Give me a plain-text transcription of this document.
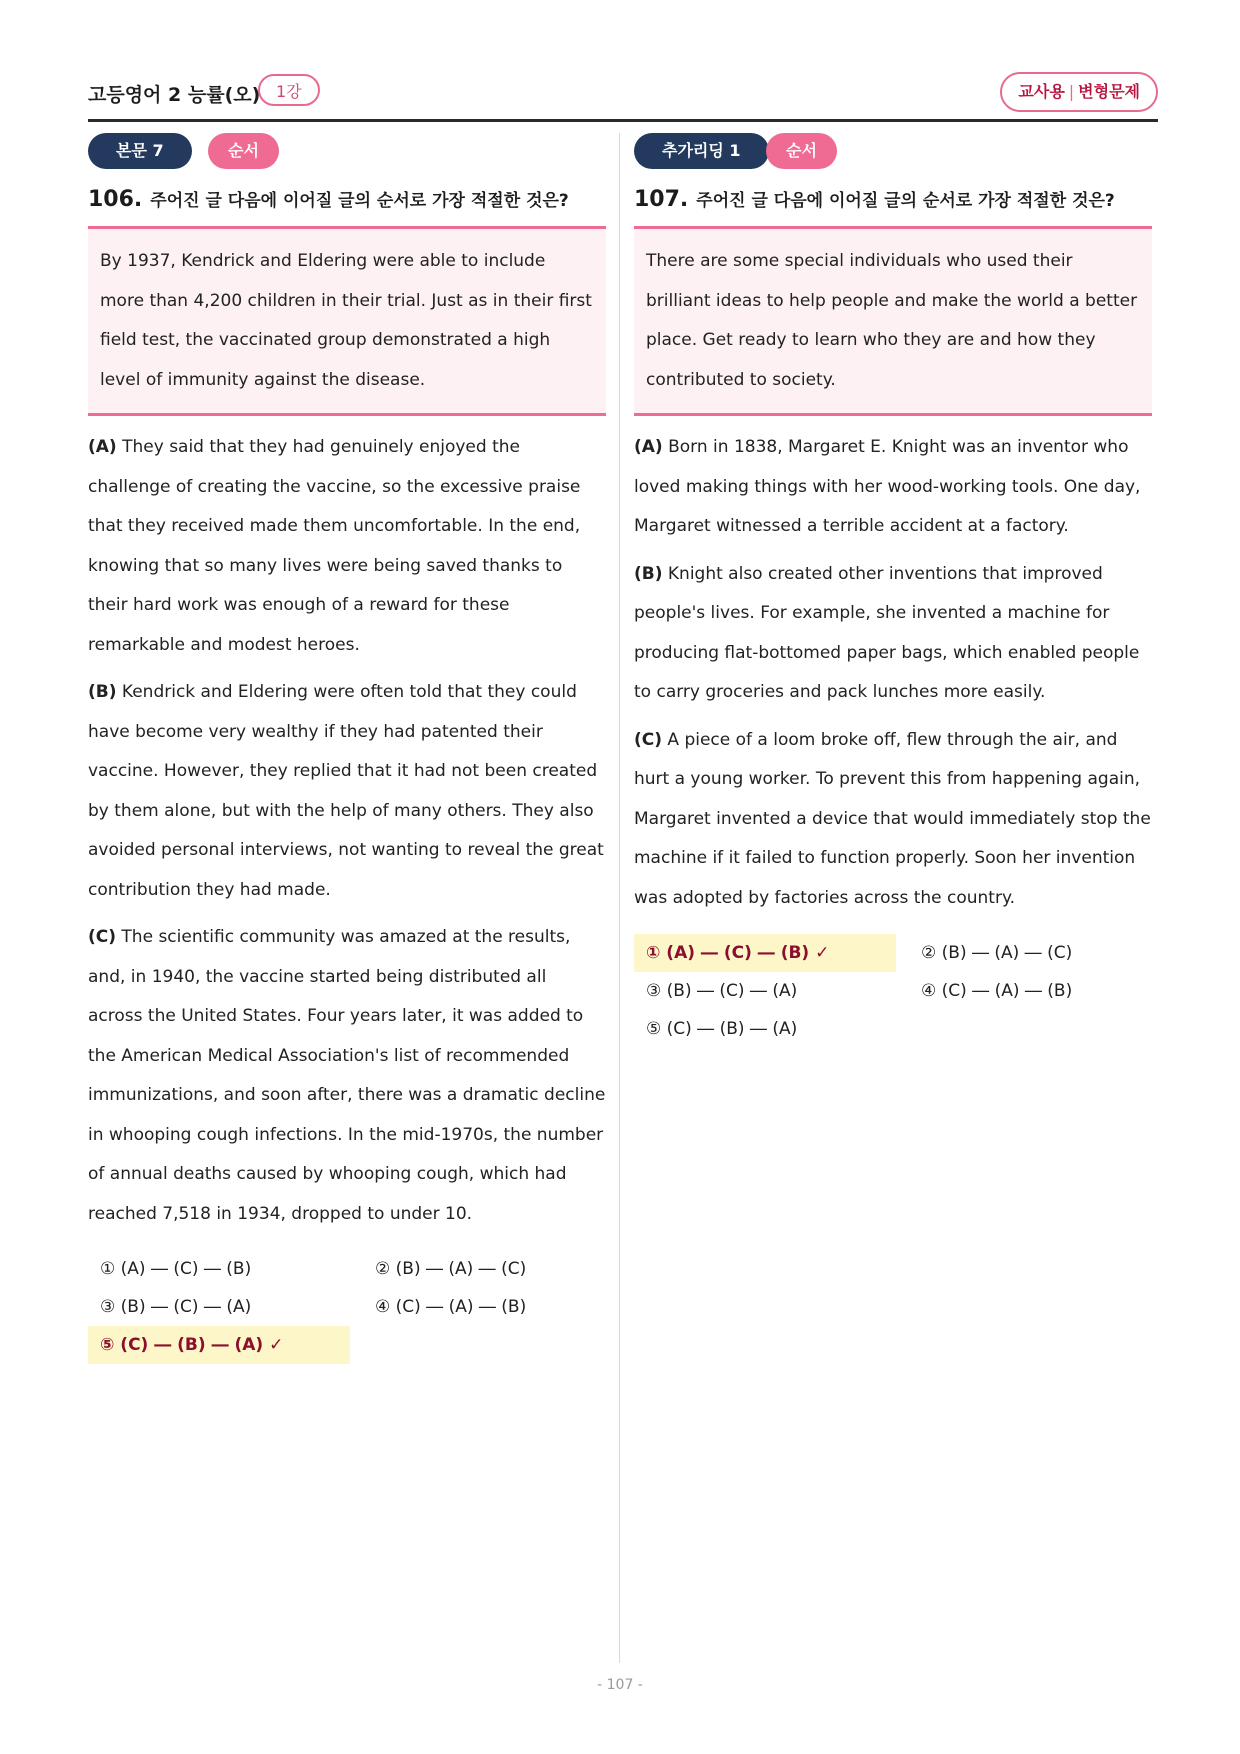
고등영어 2 능률(오) 1강	교사용 | 변형문제
본문 7	순서
106. 주어진 글 다음에 이어질 글의 순서로 가장 적절한 것은?
By 1937, Kendrick and Eldering were able to include more than 4,200 children in their trial. Just as in their first field test, the vaccinated group demonstrated a high level of immunity against the disease.
(A) They said that they had genuinely enjoyed the challenge of creating the vaccine, so the excessive praise that they received made them uncomfortable. In the end, knowing that so many lives were being saved thanks to their hard work was enough of a reward for these remarkable and modest heroes.
(B) Kendrick and Eldering were often told that they could have become very wealthy if they had patented their vaccine. However, they replied that it had not been created by them alone, but with the help of many others. They also avoided personal interviews, not wanting to reveal the great contribution they had made.
(C) The scientific community was amazed at the results, and, in 1940, the vaccine started being distributed all across the United States. Four years later, it was added to the American Medical Association's list of recommended immunizations, and soon after, there was a dramatic decline in whooping cough infections. In the mid-1970s, the number of annual deaths caused by whooping cough, which had reached 7,518 in 1934, dropped to under 10.
① (A) ― (C) ― (B)	② (B) ― (A) ― (C)
③ (B) ― (C) ― (A)	④ (C) ― (A) ― (B)
⑤ (C) ― (B) ― (A) ✓
추가리딩 1	순서
107. 주어진 글 다음에 이어질 글의 순서로 가장 적절한 것은?
There are some special individuals who used their brilliant ideas to help people and make the world a better place. Get ready to learn who they are and how they contributed to society.
(A) Born in 1838, Margaret E. Knight was an inventor who loved making things with her wood-working tools. One day, Margaret witnessed a terrible accident at a factory.
(B) Knight also created other inventions that improved people's lives. For example, she invented a machine for producing flat-bottomed paper bags, which enabled people to carry groceries and pack lunches more easily.
(C) A piece of a loom broke off, flew through the air, and hurt a young worker. To prevent this from happening again, Margaret invented a device that would immediately stop the machine if it failed to function properly. Soon her invention was adopted by factories across the country.
① (A) ― (C) ― (B) ✓	② (B) ― (A) ― (C)
③ (B) ― (C) ― (A)	④ (C) ― (A) ― (B)
⑤ (C) ― (B) ― (A)
- 107 -
